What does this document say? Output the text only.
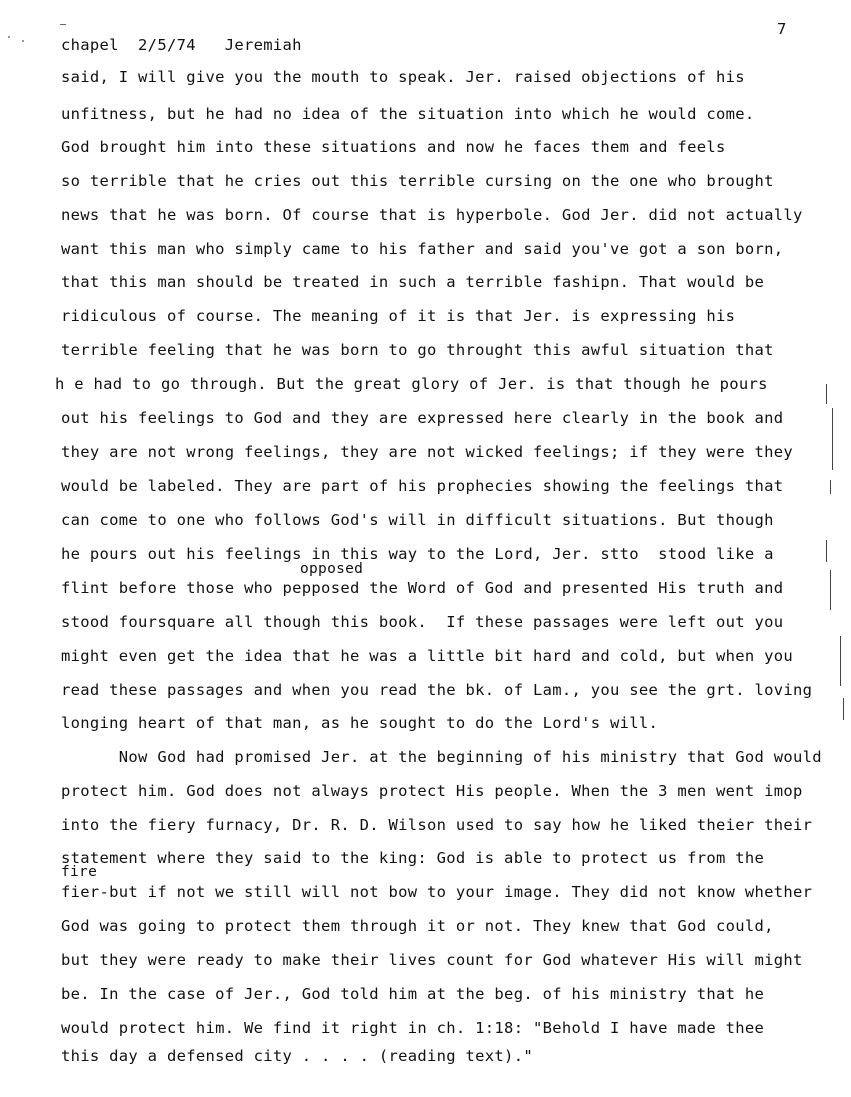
chapel  2/5/74   Jeremiah
7
said, I will give you the mouth to speak. Jer. raised objections of his
unfitness, but he had no idea of the situation into which he would come.
God brought him into these situations and now he faces them and feels
so terrible that he cries out this terrible cursing on the one who brought
news that he was born. Of course that is hyperbole. God Jer. did not actually
want this man who simply came to his father and said you've got a son born,
that this man should be treated in such a terrible fashipn. That would be
ridiculous of course. The meaning of it is that Jer. is expressing his
terrible feeling that he was born to go throught this awful situation that
h e had to go through. But the great glory of Jer. is that though he pours
out his feelings to God and they are expressed here clearly in the book and
they are not wrong feelings, they are not wicked feelings; if they were they
would be labeled. They are part of his prophecies showing the feelings that
can come to one who follows God's will in difficult situations. But though
he pours out his feelings in this way to the Lord, Jer. stto  stood like a
opposed
flint before those who pepposed the Word of God and presented His truth and
stood foursquare all though this book.  If these passages were left out you
might even get the idea that he was a little bit hard and cold, but when you
read these passages and when you read the bk. of Lam., you see the grt. loving
longing heart of that man, as he sought to do the Lord's will.
Now God had promised Jer. at the beginning of his ministry that God would
protect him. God does not always protect His people. When the 3 men went imop
into the fiery furnacy, Dr. R. D. Wilson used to say how he liked theier their
statement where they said to the king: God is able to protect us from the
fire
fier-but if not we still will not bow to your image. They did not know whether
God was going to protect them through it or not. They knew that God could,
but they were ready to make their lives count for God whatever His will might
be. In the case of Jer., God told him at the beg. of his ministry that he
would protect him. We find it right in ch. 1:18: "Behold I have made thee
this day a defensed city . . . . (reading text)."
